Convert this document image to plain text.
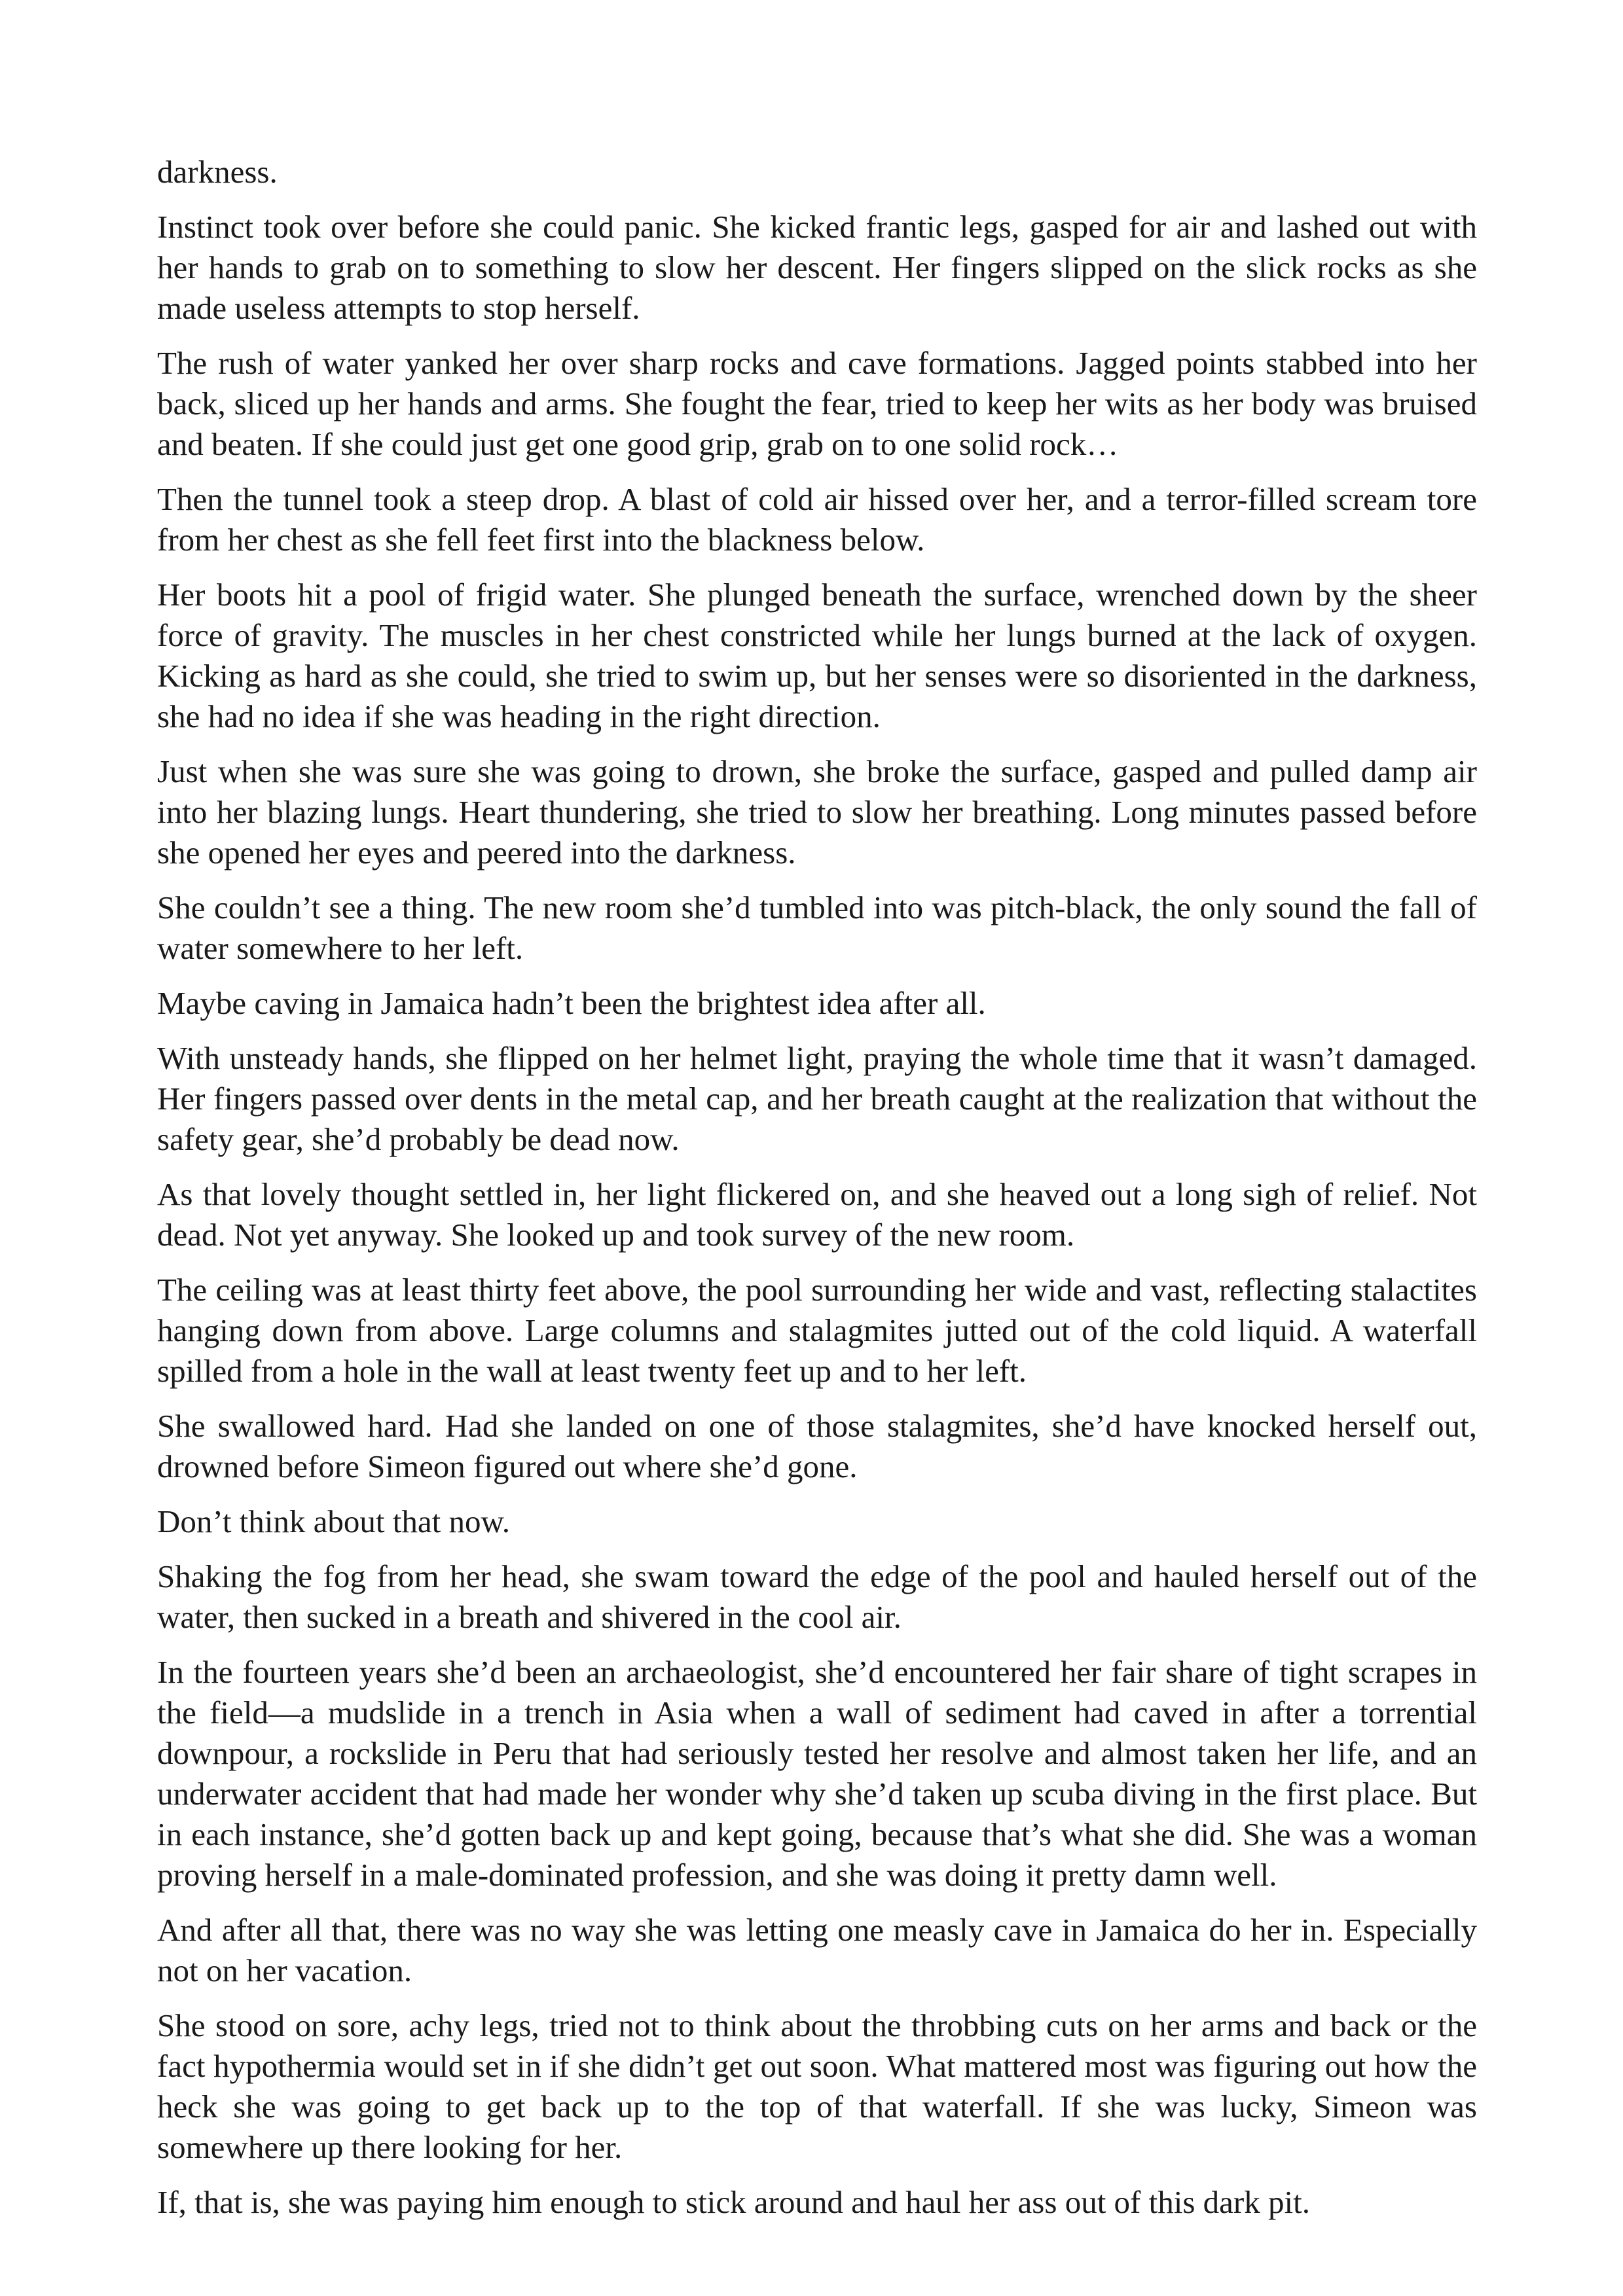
darkness.

Instinct took over before she could panic. She kicked frantic legs, gasped for air and lashed out with her hands to grab on to something to slow her descent. Her fingers slipped on the slick rocks as she made useless attempts to stop herself.

The rush of water yanked her over sharp rocks and cave formations. Jagged points stabbed into her back, sliced up her hands and arms. She fought the fear, tried to keep her wits as her body was bruised and beaten. If she could just get one good grip, grab on to one solid rock…

Then the tunnel took a steep drop. A blast of cold air hissed over her, and a terror-filled scream tore from her chest as she fell feet first into the blackness below.

Her boots hit a pool of frigid water. She plunged beneath the surface, wrenched down by the sheer force of gravity. The muscles in her chest constricted while her lungs burned at the lack of oxygen. Kicking as hard as she could, she tried to swim up, but her senses were so disoriented in the darkness, she had no idea if she was heading in the right direction.

Just when she was sure she was going to drown, she broke the surface, gasped and pulled damp air into her blazing lungs. Heart thundering, she tried to slow her breathing. Long minutes passed before she opened her eyes and peered into the darkness.

She couldn’t see a thing. The new room she’d tumbled into was pitch-black, the only sound the fall of water somewhere to her left.

Maybe caving in Jamaica hadn’t been the brightest idea after all.

With unsteady hands, she flipped on her helmet light, praying the whole time that it wasn’t damaged. Her fingers passed over dents in the metal cap, and her breath caught at the realization that without the safety gear, she’d probably be dead now.

As that lovely thought settled in, her light flickered on, and she heaved out a long sigh of relief. Not dead. Not yet anyway. She looked up and took survey of the new room.

The ceiling was at least thirty feet above, the pool surrounding her wide and vast, reflecting stalactites hanging down from above. Large columns and stalagmites jutted out of the cold liquid. A waterfall spilled from a hole in the wall at least twenty feet up and to her left.

She swallowed hard. Had she landed on one of those stalagmites, she’d have knocked herself out, drowned before Simeon figured out where she’d gone.

Don’t think about that now.

Shaking the fog from her head, she swam toward the edge of the pool and hauled herself out of the water, then sucked in a breath and shivered in the cool air.

In the fourteen years she’d been an archaeologist, she’d encountered her fair share of tight scrapes in the field—a mudslide in a trench in Asia when a wall of sediment had caved in after a torrential downpour, a rockslide in Peru that had seriously tested her resolve and almost taken her life, and an underwater accident that had made her wonder why she’d taken up scuba diving in the first place. But in each instance, she’d gotten back up and kept going, because that’s what she did. She was a woman proving herself in a male-dominated profession, and she was doing it pretty damn well.

And after all that, there was no way she was letting one measly cave in Jamaica do her in. Especially not on her vacation.

She stood on sore, achy legs, tried not to think about the throbbing cuts on her arms and back or the fact hypothermia would set in if she didn’t get out soon. What mattered most was figuring out how the heck she was going to get back up to the top of that waterfall. If she was lucky, Simeon was somewhere up there looking for her.

If, that is, she was paying him enough to stick around and haul her ass out of this dark pit.
